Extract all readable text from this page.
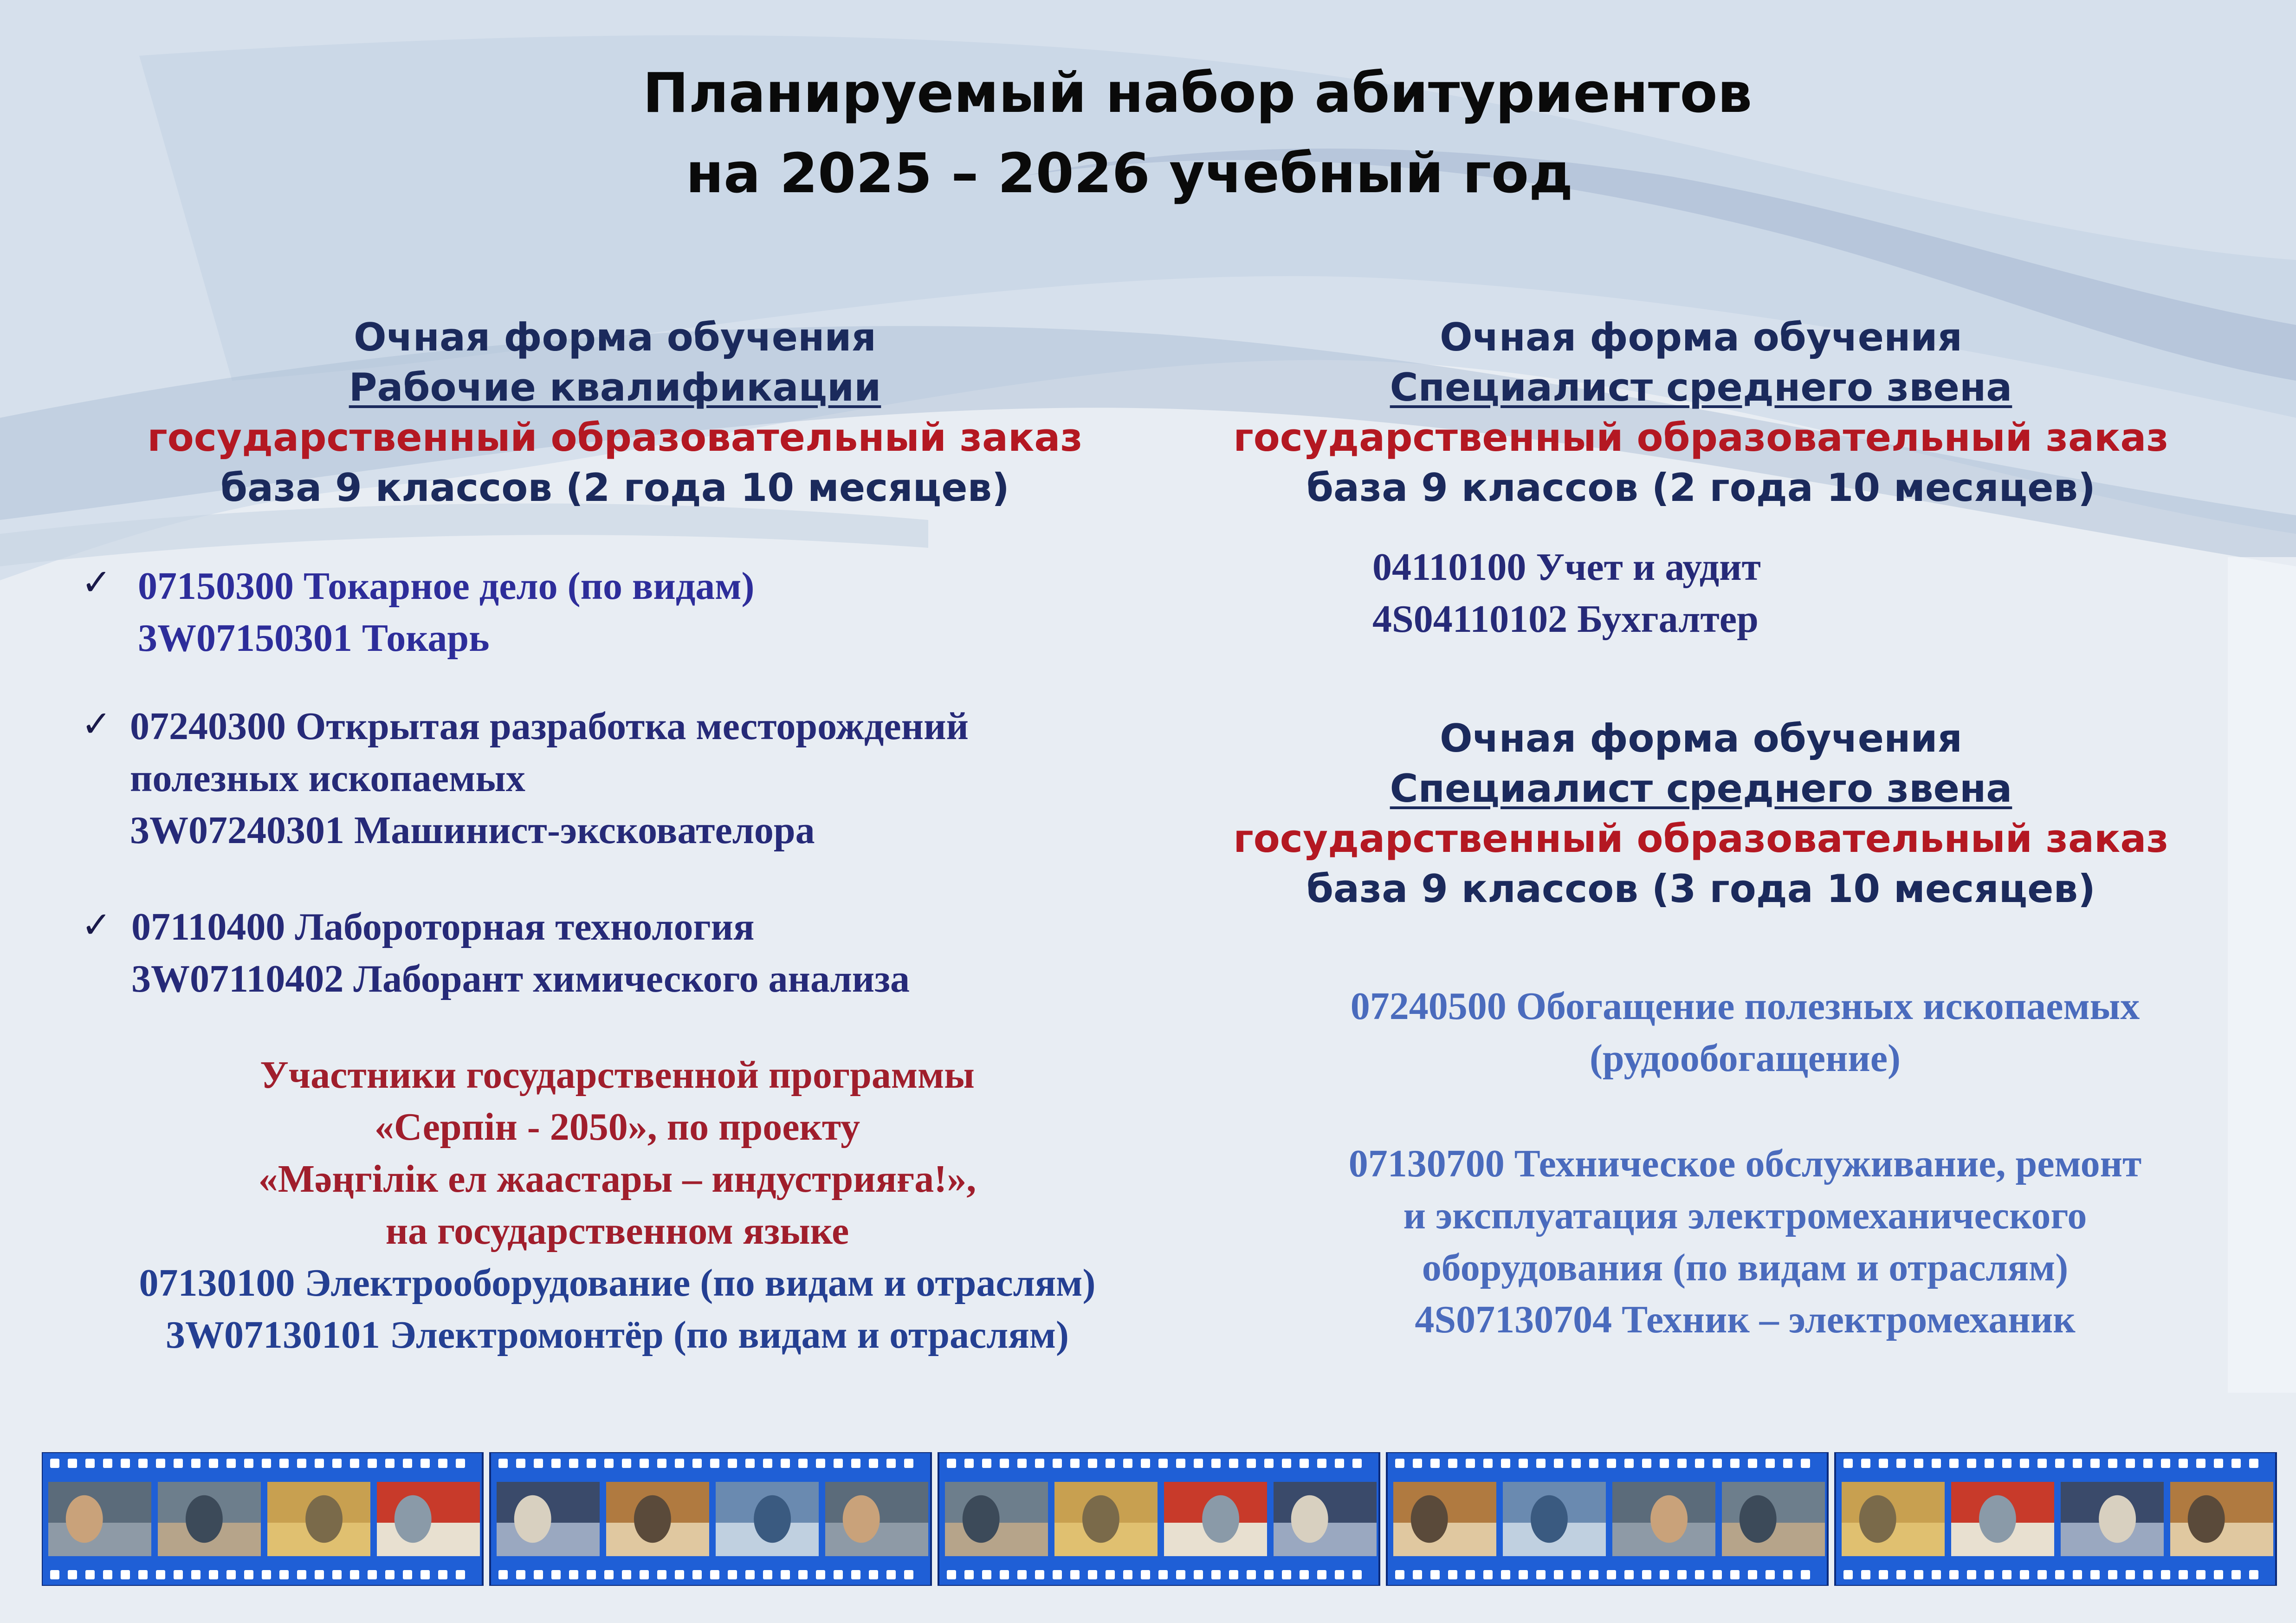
Планируемый набор абитуриентов
на 2025 – 2026 учебный год
Очная форма обучения
Рабочие квалификации
государственный образовательный заказ
база 9 классов (2 года 10 месяцев)
✓ 07150300 Токарное дело (по видам)
3W07150301 Токарь
✓ 07240300 Открытая разработка месторождений
полезных ископаемых
3W07240301 Машинист-экскователора
✓ 07110400 Лабороторная технология
3W07110402 Лаборант химического анализа
Участники государственной программы
«Серпін - 2050», по проекту
«Мәңгілік ел жаастары – индустрияға!»,
на государственном языке
07130100 Электрооборудование (по видам и отраслям)
3W07130101 Электромонтёр (по видам и отраслям)
Очная форма обучения
Специалист среднего звена
государственный образовательный заказ
база 9 классов (2 года 10 месяцев)
04110100 Учет и аудит
4S04110102 Бухгалтер
Очная форма обучения
Специалист среднего звена
государственный образовательный заказ
база 9 классов (3 года 10 месяцев)
07240500 Обогащение полезных ископаемых
(рудообогащение)
07130700 Техническое обслуживание, ремонт
и эксплуатация электромеханического
оборудования (по видам и отраслям)
4S07130704 Техник – электромеханик
